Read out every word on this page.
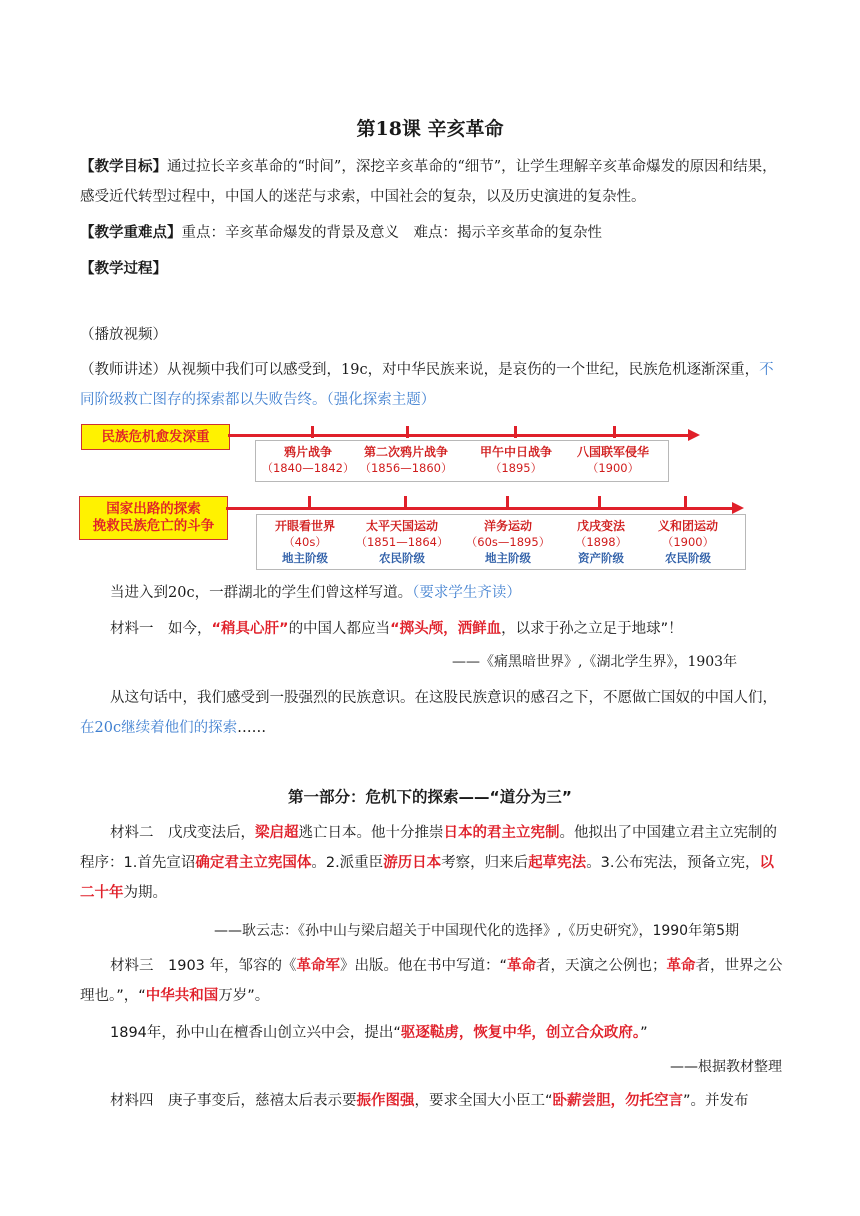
第18课 辛亥革命
【教学目标】通过拉长辛亥革命的“时间”，深挖辛亥革命的“细节”，让学生理解辛亥革命爆发的原因和结果，感受近代转型过程中，中国人的迷茫与求索，中国社会的复杂，以及历史演进的复杂性。
【教学重难点】重点：辛亥革命爆发的背景及意义　难点：揭示辛亥革命的复杂性
【教学过程】
（播放视频）
（教师讲述）从视频中我们可以感受到，19c，对中华民族来说，是哀伤的一个世纪，民族危机逐渐深重，不同阶级救亡图存的探索都以失败告终。（强化探索主题）
民族危机愈发深重
鸦片战争
（1840—1842）
第二次鸦片战争
（1856—1860）
甲午中日战争
（1895）
八国联军侵华
（1900）
国家出路的探索
挽救民族危亡的斗争	开眼看世界
（40s）
地主阶级
太平天国运动
（1851—1864）
农民阶级
洋务运动
（60s—1895）
地主阶级
戊戌变法
（1898）
资产阶级
义和团运动
（1900）
农民阶级
当进入到20c，一群湖北的学生们曾这样写道。（要求学生齐读）
材料一　如今，“稍具心肝”的中国人都应当“掷头颅，洒鲜血，以求于孙之立足于地球”！
——《痛黑暗世界》,《湖北学生界》，1903年
从这句话中，我们感受到一股强烈的民族意识。在这股民族意识的感召之下，不愿做亡国奴的中国人们，在20c继续着他们的探索……
第一部分：危机下的探索——“道分为三”
材料二　戊戌变法后，梁启超逃亡日本。他十分推崇日本的君主立宪制。他拟出了中国建立君主立宪制的程序：1.首先宣诏确定君主立宪国体。2.派重臣游历日本考察，归来后起草宪法。3.公布宪法，预备立宪，以二十年为期。
——耿云志：《孙中山与梁启超关于中国现代化的选择》,《历史研究》，1990年第5期
材料三　1903 年，邹容的《革命军》出版。他在书中写道：“革命者，天演之公例也；革命者，世界之公理也。”，“中华共和国万岁”。
1894年，孙中山在檀香山创立兴中会，提出“驱逐鞑虏，恢复中华，创立合众政府。”
——根据教材整理
材料四　庚子事变后，慈禧太后表示要振作图强，要求全国大小臣工“卧薪尝胆，勿托空言”。并发布
